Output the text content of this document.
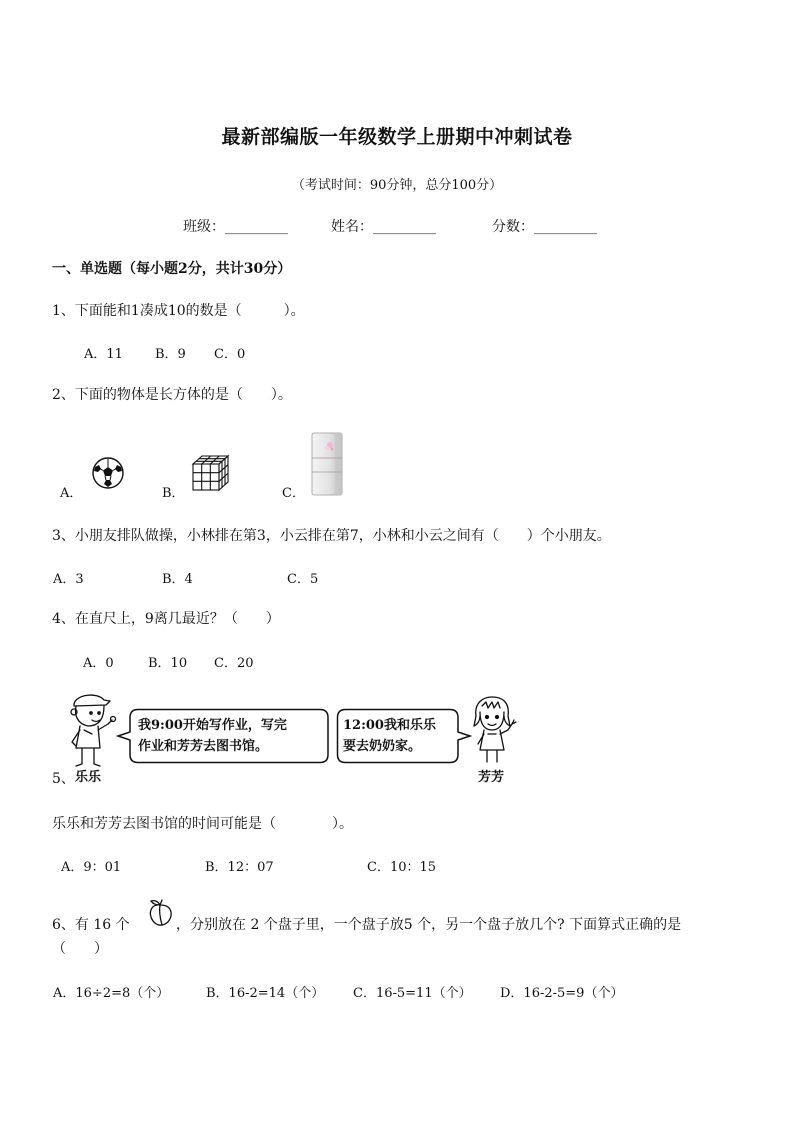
最新部编版一年级数学上册期中冲刺试卷
（考试时间：90分钟，总分100分）
班级：_________	姓名：_________	分数：_________
一、单选题（每小题2分，共计30分）
1、下面能和1凑成10的数是（　　　）。
A．11 B．9 C．0
2、下面的物体是长方体的是（　　）。
A．	B．	C．
3、小朋友排队做操，小林排在第3，小云排在第7，小林和小云之间有（　　）个小朋友。
A．3	B．4	C．5
4、在直尺上，9离几最近？（　　）
A．0	B．10 C．20
我9:00开始写作业，写完
作业和芳芳去图书馆。
12:00我和乐乐
要去奶奶家。
5、 乐乐	芳芳
乐乐和芳芳去图书馆的时间可能是（　　　　）。
A．9：01	B．12：07	C．10：15
6、有 16 个	，分别放在 2 个盘子里，一个盘子放5 个，另一个盘子放几个? 下面算式正确的是
（　　）
A．16÷2=8（个）	B．16-2=14（个） C．16-5=11（个） D．16-2-5=9（个）
